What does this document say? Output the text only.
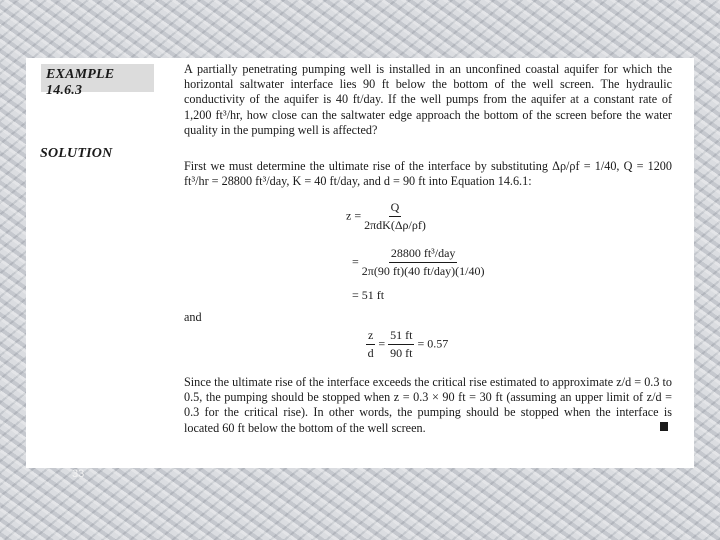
EXAMPLE 14.6.3
A partially penetrating pumping well is installed in an unconfined coastal aquifer for which the horizontal saltwater interface lies 90 ft below the bottom of the well screen. The hydraulic conductivity of the aquifer is 40 ft/day. If the well pumps from the aquifer at a constant rate of 1,200 ft³/hr, how close can the saltwater edge approach the bottom of the screen before the water quality in the pumping well is affected?
SOLUTION
First we must determine the ultimate rise of the interface by substituting Δρ/ρf = 1/40, Q = 1200 ft³/hr = 28800 ft³/day, K = 40 ft/day, and d = 90 ft into Equation 14.6.1:
$z = \frac{Q}{\text{2πdK(Δρ/ρf)}}$
= $\frac{\text{28800 ft³/day}}{\text{2π(90 ft)(40 ft/day)(1/40)}}$
= 51 ft
and
$\frac{z}{d} = \frac{51 ft}{90 ft} = 0.57$
Since the ultimate rise of the interface exceeds the critical rise estimated to approximate z/d = 0.3 to 0.5, the pumping should be stopped when z = 0.3 × 90 ft = 30 ft (assuming an upper limit of z/d = 0.3 for the critical rise). In other words, the pumping should be stopped when the interface is located 60 ft below the bottom of the well screen.
33
